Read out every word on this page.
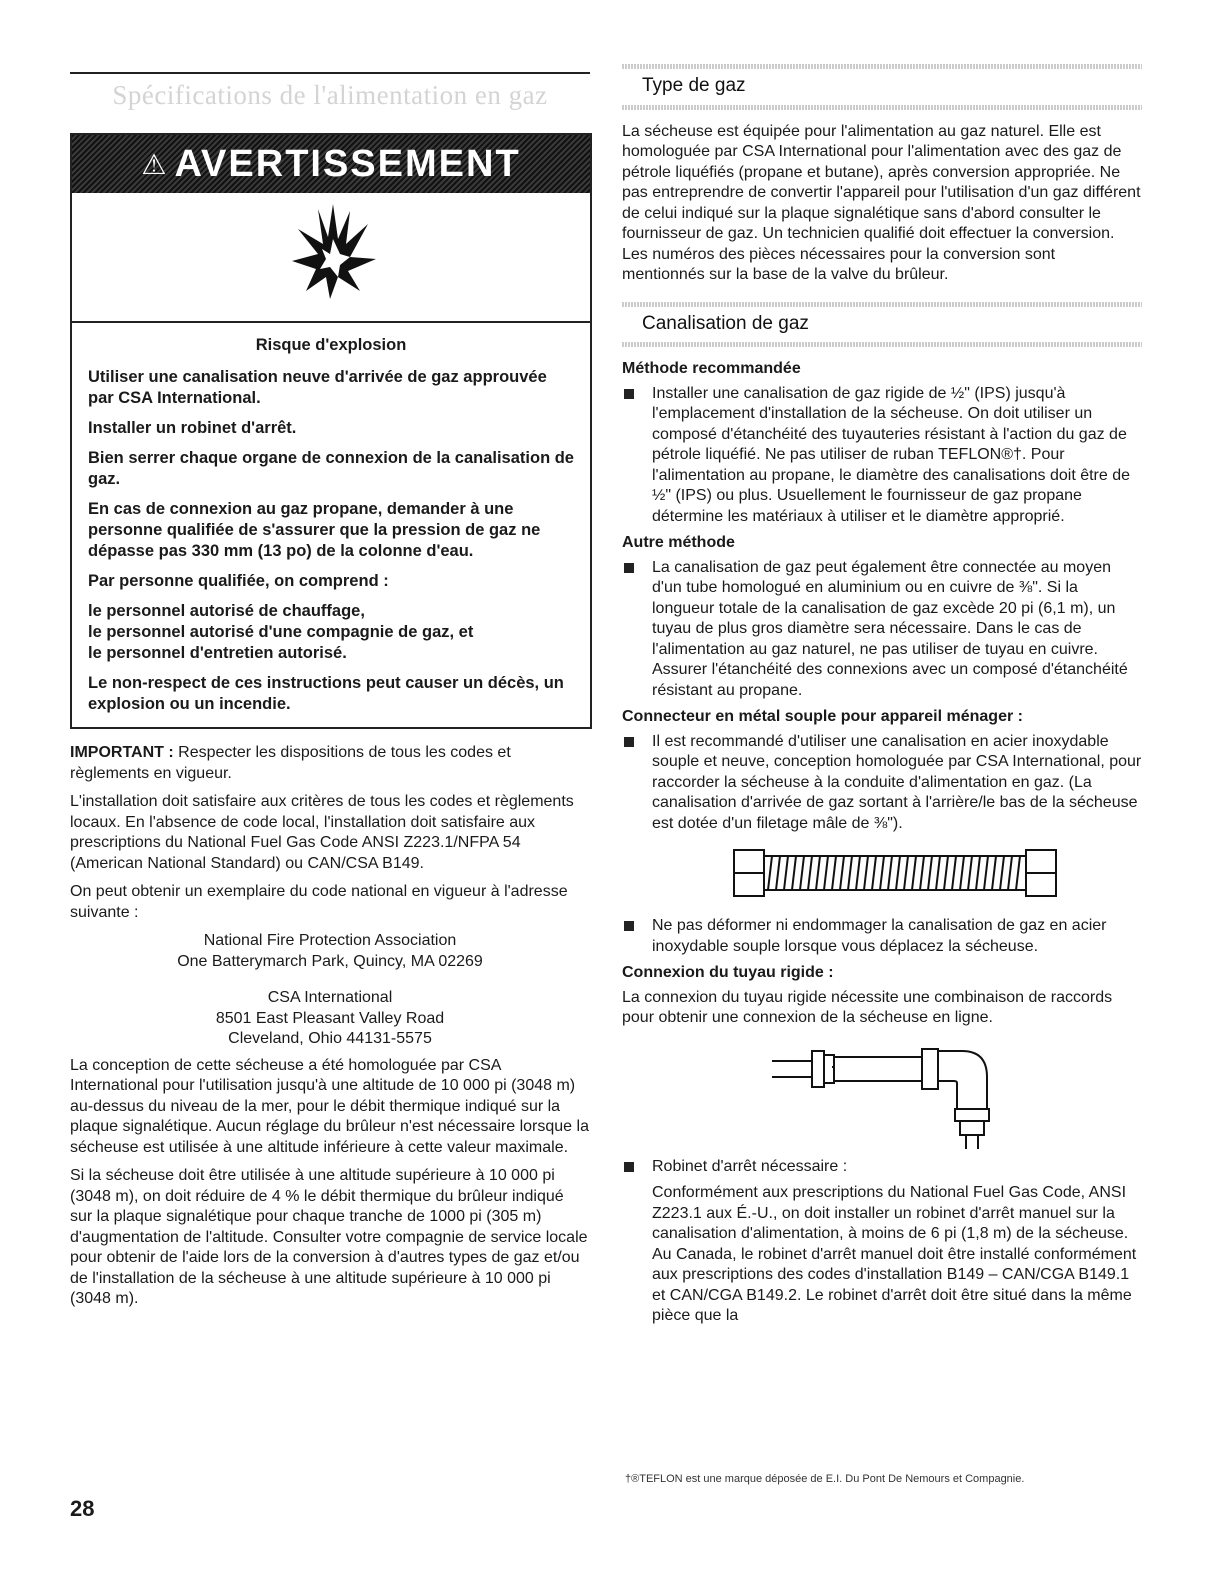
Spécifications de l'alimentation en gaz
⚠ AVERTISSEMENT
Risque d'explosion

Utiliser une canalisation neuve d'arrivée de gaz approuvée par CSA International.

Installer un robinet d'arrêt.

Bien serrer chaque organe de connexion de la canalisation de gaz.

En cas de connexion au gaz propane, demander à une personne qualifiée de s'assurer que la pression de gaz ne dépasse pas 330 mm (13 po) de la colonne d'eau.

Par personne qualifiée, on comprend :

le personnel autorisé de chauffage,
le personnel autorisé d'une compagnie de gaz, et
le personnel d'entretien autorisé.

Le non-respect de ces instructions peut causer un décès, un explosion ou un incendie.

IMPORTANT : Respecter les dispositions de tous les codes et règlements en vigueur.

L'installation doit satisfaire aux critères de tous les codes et règlements locaux. En l'absence de code local, l'installation doit satisfaire aux prescriptions du National Fuel Gas Code ANSI Z223.1/NFPA 54 (American National Standard) ou CAN/CSA B149.

On peut obtenir un exemplaire du code national en vigueur à l'adresse suivante :

National Fire Protection Association

One Batterymarch Park, Quincy, MA 02269

CSA International

8501 East Pleasant Valley Road

Cleveland, Ohio 44131-5575

La conception de cette sécheuse a été homologuée par CSA International pour l'utilisation jusqu'à une altitude de 10 000 pi (3048 m) au-dessus du niveau de la mer, pour le débit thermique indiqué sur la plaque signalétique. Aucun réglage du brûleur n'est nécessaire lorsque la sécheuse est utilisée à une altitude inférieure à cette valeur maximale.

Si la sécheuse doit être utilisée à une altitude supérieure à 10 000 pi (3048 m), on doit réduire de 4 % le débit thermique du brûleur indiqué sur la plaque signalétique pour chaque tranche de 1000 pi (305 m) d'augmentation de l'altitude. Consulter votre compagnie de service locale pour obtenir de l'aide lors de la conversion à d'autres types de gaz et/ou de l'installation de la sécheuse à une altitude supérieure à 10 000 pi (3048 m).

Type de gaz

La sécheuse est équipée pour l'alimentation au gaz naturel. Elle est homologuée par CSA International pour l'alimentation avec des gaz de pétrole liquéfiés (propane et butane), après conversion appropriée. Ne pas entreprendre de convertir l'appareil pour l'utilisation d'un gaz différent de celui indiqué sur la plaque signalétique sans d'abord consulter le fournisseur de gaz. Un technicien qualifié doit effectuer la conversion. Les numéros des pièces nécessaires pour la conversion sont mentionnés sur la base de la valve du brûleur.

Canalisation de gaz
Méthode recommandée
Installer une canalisation de gaz rigide de ½" (IPS) jusqu'à l'emplacement d'installation de la sécheuse. On doit utiliser un composé d'étanchéité des tuyauteries résistant à l'action du gaz de pétrole liquéfié. Ne pas utiliser de ruban TEFLON®†. Pour l'alimentation au propane, le diamètre des canalisations doit être de ½" (IPS) ou plus. Usuellement le fournisseur de gaz propane détermine les matériaux à utiliser et le diamètre approprié.
Autre méthode
La canalisation de gaz peut également être connectée au moyen d'un tube homologué en aluminium ou en cuivre de ⅜". Si la longueur totale de la canalisation de gaz excède 20 pi (6,1 m), un tuyau de plus gros diamètre sera nécessaire. Dans le cas de l'alimentation au gaz naturel, ne pas utiliser de tuyau en cuivre. Assurer l'étanchéité des connexions avec un composé d'étanchéité résistant au propane.
Connecteur en métal souple pour appareil ménager :
Il est recommandé d'utiliser une canalisation en acier inoxydable souple et neuve, conception homologuée par CSA International, pour raccorder la sécheuse à la conduite d'alimentation en gaz. (La canalisation d'arrivée de gaz sortant à l'arrière/le bas de la sécheuse est dotée d'un filetage mâle de ⅜").
Ne pas déformer ni endommager la canalisation de gaz en acier inoxydable souple lorsque vous déplacez la sécheuse.
Connexion du tuyau rigide :

La connexion du tuyau rigide nécessite une combinaison de raccords pour obtenir une connexion de la sécheuse en ligne.

Robinet d'arrêt nécessaire :

Conformément aux prescriptions du National Fuel Gas Code, ANSI Z223.1 aux É.-U., on doit installer un robinet d'arrêt manuel sur la canalisation d'alimentation, à moins de 6 pi (1,8 m) de la sécheuse. Au Canada, le robinet d'arrêt manuel doit être installé conformément aux prescriptions des codes d'installation B149 – CAN/CGA B149.1 et CAN/CGA B149.2. Le robinet d'arrêt doit être situé dans la même pièce que la

†®TEFLON est une marque déposée de E.I. Du Pont De Nemours et Compagnie.
28
